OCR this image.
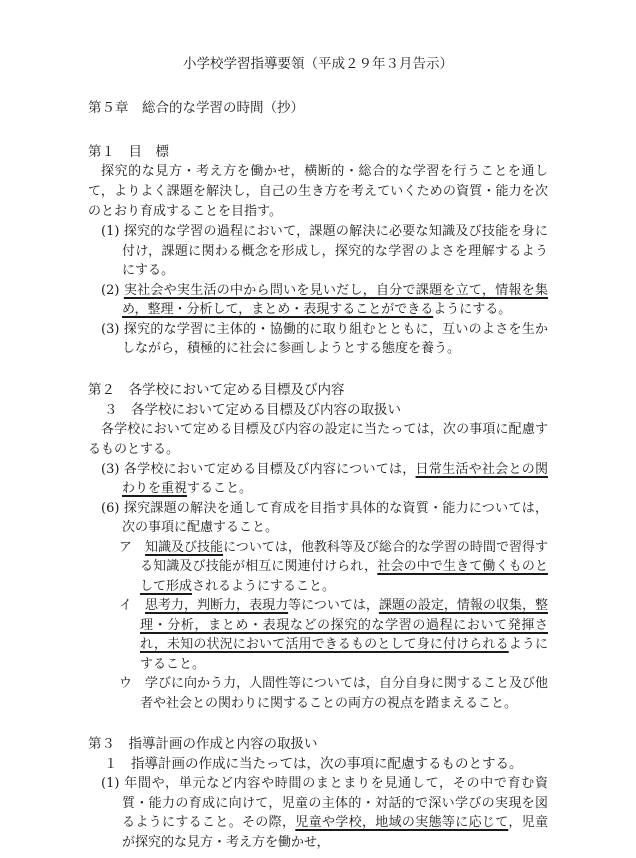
小学校学習指導要領（平成２９年３月告示）
第５章　総合的な学習の時間（抄）
第１　目　標

探究的な見方・考え方を働かせ，横断的・総合的な学習を行うことを通して，よりよく課題を解決し，自己の生き方を考えていくための資質・能力を次のとおり育成することを目指す。

(1) 探究的な学習の過程において，課題の解決に必要な知識及び技能を身に付け，課題に関わる概念を形成し，探究的な学習のよさを理解するようにする。

(2) 実社会や実生活の中から問いを見いだし，自分で課題を立て，情報を集め，整理・分析して，まとめ・表現することができるようにする。

(3) 探究的な学習に主体的・協働的に取り組むとともに，互いのよさを生かしながら，積極的に社会に参画しようとする態度を養う。

第２　各学校において定める目標及び内容
３　各学校において定める目標及び内容の取扱い

各学校において定める目標及び内容の設定に当たっては，次の事項に配慮するものとする。

(3) 各学校において定める目標及び内容については，日常生活や社会との関わりを重視すること。

(6) 探究課題の解決を通して育成を目指す具体的な資質・能力については，次の事項に配慮すること。

ア　知識及び技能については，他教科等及び総合的な学習の時間で習得する知識及び技能が相互に関連付けられ，社会の中で生きて働くものとして形成されるようにすること。

イ　思考力，判断力，表現力等については，課題の設定，情報の収集，整理・分析，まとめ・表現などの探究的な学習の過程において発揮され，未知の状況において活用できるものとして身に付けられるようにすること。

ウ　学びに向かう力，人間性等については，自分自身に関すること及び他者や社会との関わりに関することの両方の視点を踏まえること。

第３　指導計画の作成と内容の取扱い
１　指導計画の作成に当たっては，次の事項に配慮するものとする。

(1) 年間や，単元など内容や時間のまとまりを見通して，その中で育む資質・能力の育成に向けて，児童の主体的・対話的で深い学びの実現を図るようにすること。その際，児童や学校，地域の実態等に応じて，児童が探究的な見方・考え方を働かせ，
